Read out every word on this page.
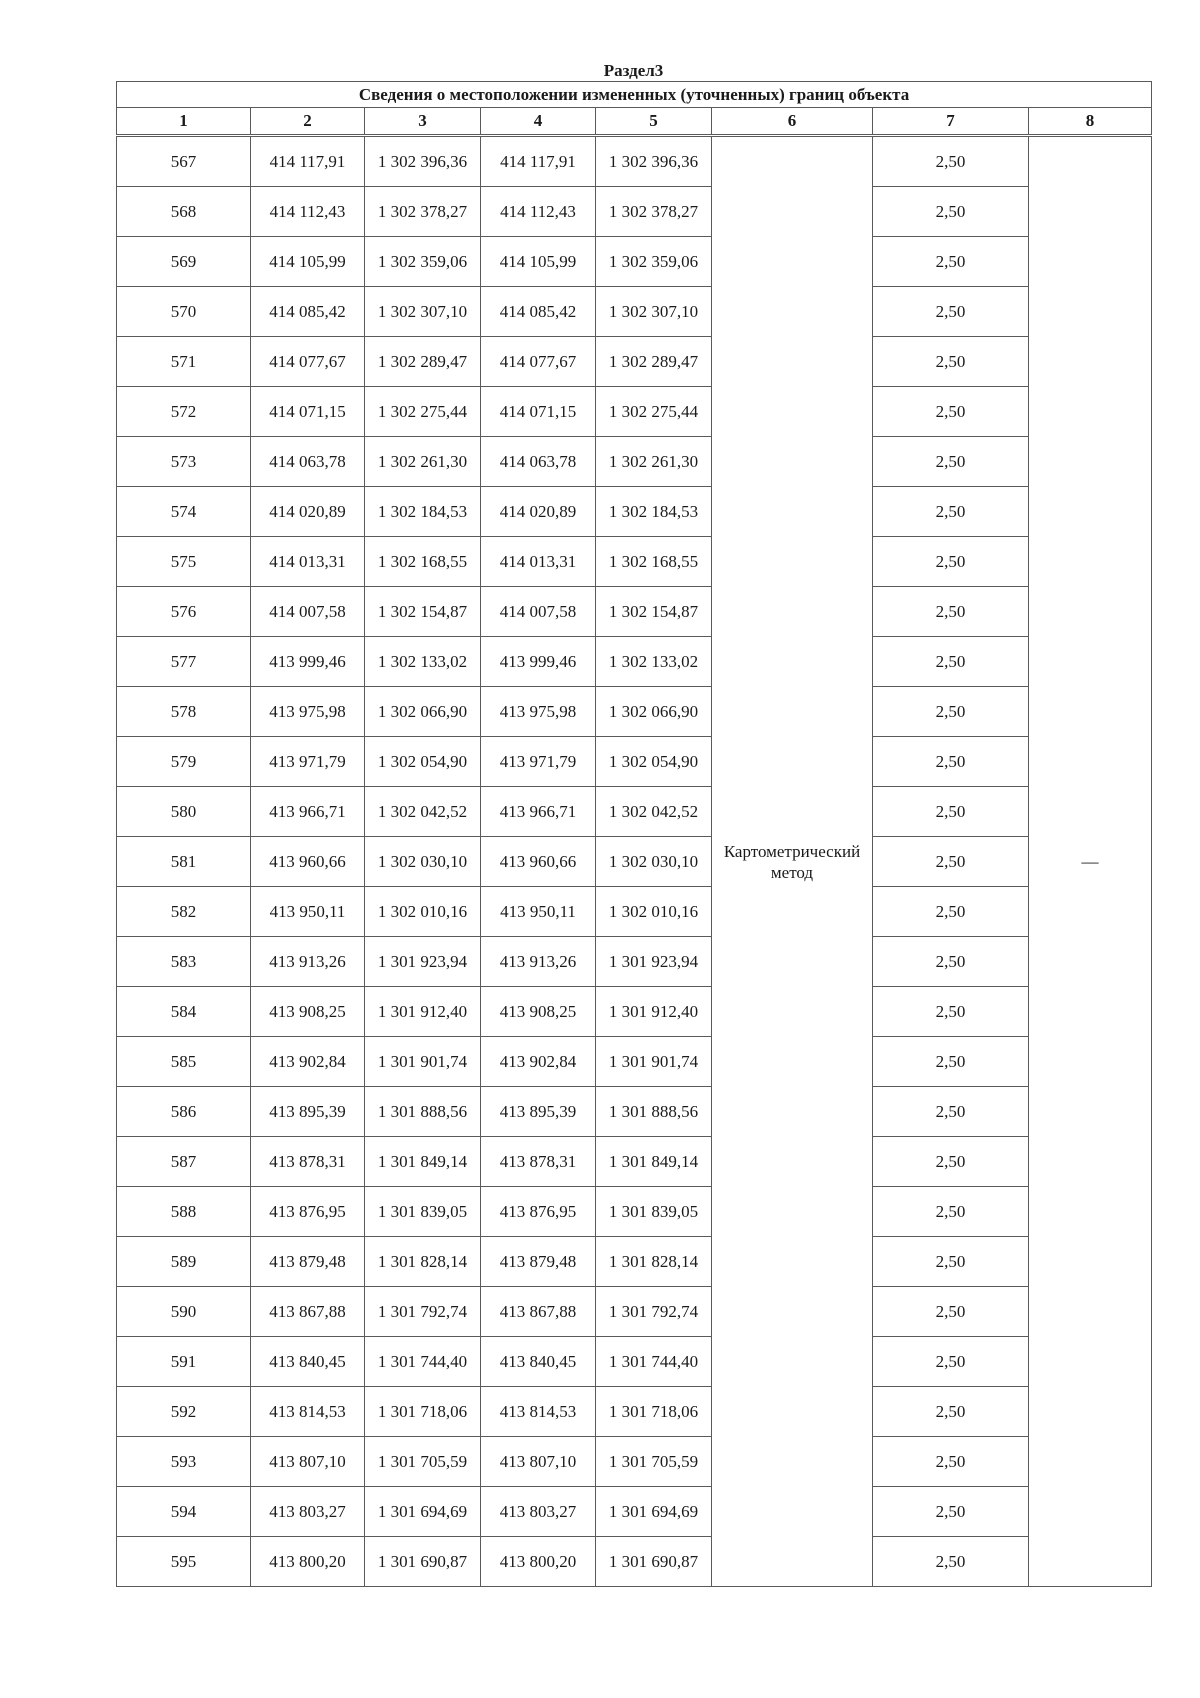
Раздел3
Сведения о местоположении измененных (уточненных) границ объекта							
1	2	3	4	5	6	7	8
567	414 117,91	1 302 396,36	414 117,91	1 302 396,36	Картометрический метод	2,50	—
568	414 112,43	1 302 378,27	414 112,43	1 302 378,27		2,50	
569	414 105,99	1 302 359,06	414 105,99	1 302 359,06		2,50	
570	414 085,42	1 302 307,10	414 085,42	1 302 307,10		2,50	
571	414 077,67	1 302 289,47	414 077,67	1 302 289,47		2,50	
572	414 071,15	1 302 275,44	414 071,15	1 302 275,44		2,50	
573	414 063,78	1 302 261,30	414 063,78	1 302 261,30		2,50	
574	414 020,89	1 302 184,53	414 020,89	1 302 184,53		2,50	
575	414 013,31	1 302 168,55	414 013,31	1 302 168,55		2,50	
576	414 007,58	1 302 154,87	414 007,58	1 302 154,87		2,50	
577	413 999,46	1 302 133,02	413 999,46	1 302 133,02		2,50	
578	413 975,98	1 302 066,90	413 975,98	1 302 066,90		2,50	
579	413 971,79	1 302 054,90	413 971,79	1 302 054,90		2,50	
580	413 966,71	1 302 042,52	413 966,71	1 302 042,52		2,50	
581	413 960,66	1 302 030,10	413 960,66	1 302 030,10		2,50	
582	413 950,11	1 302 010,16	413 950,11	1 302 010,16		2,50	
583	413 913,26	1 301 923,94	413 913,26	1 301 923,94		2,50	
584	413 908,25	1 301 912,40	413 908,25	1 301 912,40		2,50	
585	413 902,84	1 301 901,74	413 902,84	1 301 901,74		2,50	
586	413 895,39	1 301 888,56	413 895,39	1 301 888,56		2,50	
587	413 878,31	1 301 849,14	413 878,31	1 301 849,14		2,50	
588	413 876,95	1 301 839,05	413 876,95	1 301 839,05		2,50	
589	413 879,48	1 301 828,14	413 879,48	1 301 828,14		2,50	
590	413 867,88	1 301 792,74	413 867,88	1 301 792,74		2,50	
591	413 840,45	1 301 744,40	413 840,45	1 301 744,40		2,50	
592	413 814,53	1 301 718,06	413 814,53	1 301 718,06		2,50	
593	413 807,10	1 301 705,59	413 807,10	1 301 705,59		2,50	
594	413 803,27	1 301 694,69	413 803,27	1 301 694,69		2,50	
595	413 800,20	1 301 690,87	413 800,20	1 301 690,87		2,50	
